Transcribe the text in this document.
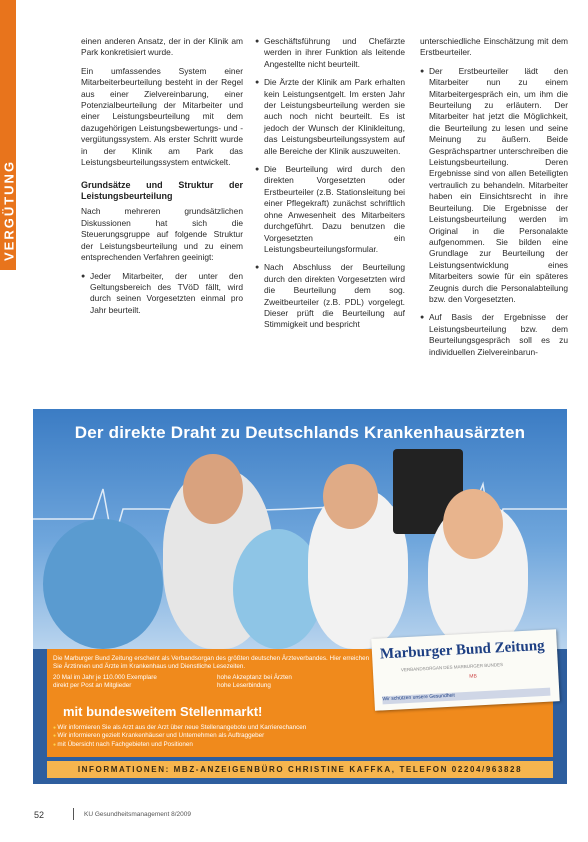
VERGÜTUNG

einen anderen Ansatz, der in der Klinik am Park konkretisiert wurde.

Ein umfassendes System einer Mitarbeiterbeurteilung besteht in der Regel aus einer Zielvereinbarung, einer Potenzialbeurteilung der Mitarbeiter und einer Leistungsbeurteilung mit dem dazugehörigen Leistungsbewertungs- und -vergütungssystem. Als erster Schritt wurde in der Klinik am Park das Leistungsbeurteilungssystem entwickelt.

Grundsätze und Struktur der Leistungsbeurteilung

Nach mehreren grundsätzlichen Diskussionen hat sich die Steuerungsgruppe auf folgende Struktur der Leistungsbeurteilung und zu einem entsprechenden Verfahren geeinigt:

● Jeder Mitarbeiter, der unter den Geltungsbereich des TVöD fällt, wird durch seinen Vorgesetzten einmal pro Jahr beurteilt.
● Geschäftsführung und Chefärzte werden in ihrer Funktion als leitende Angestellte nicht beurteilt.
● Die Ärzte der Klinik am Park erhalten kein Leistungsentgelt. Im ersten Jahr der Leistungsbeurteilung werden sie auch noch nicht beurteilt. Es ist jedoch der Wunsch der Klinikleitung, das Leistungsbeurteilungssystem auf alle Bereiche der Klinik auszuweiten.
● Die Beurteilung wird durch den direkten Vorgesetzten oder Erstbeurteiler (z.B. Stationsleitung bei einer Pflegekraft) zunächst schriftlich ohne Anwesenheit des Mitarbeiters durchgeführt. Dazu benutzen die Vorgesetzten ein Leistungsbeurteilungsformular.
● Nach Abschluss der Beurteilung durch den direkten Vorgesetzten wird die Beurteilung dem sog. Zweitbeurteiler (z.B. PDL) vorgelegt. Dieser prüft die Beurteilung auf Stimmigkeit und bespricht

unterschiedliche Einschätzung mit dem Erstbeurteiler.

● Der Erstbeurteiler lädt den Mitarbeiter nun zu einem Mitarbeitergespräch ein, um ihm die Beurteilung zu erläutern. Der Mitarbeiter hat jetzt die Möglichkeit, die Beurteilung zu lesen und seine Meinung zu äußern. Beide Gesprächspartner unterschreiben die Leistungsbeurteilung. Deren Ergebnisse sind von allen Beteiligten vertraulich zu behandeln. Mitarbeiter haben ein Einsichtsrecht in ihre Beurteilung. Die Ergebnisse der Leistungsbeurteilung werden im Original in die Personalakte aufgenommen. Sie bilden eine Grundlage zur Beurteilung der Leistungsentwicklung eines Mitarbeiters sowie für ein späteres Zeugnis durch die Personalabteilung bzw. den Vorgesetzten.
● Auf Basis der Ergebnisse der Leistungsbeurteilung bzw. dem Beurteilungsgespräch soll es zu individuellen Zielvereinbarun-
Der direkte Draht zu Deutschlands Krankenhausärzten
Die Marburger Bund Zeitung erscheint als Verbandsorgan des größten deutschen Ärzteverbandes. Hier erreichen Sie Ärztinnen und Ärzte im Krankenhaus und Dienstliche Lesezeiten.
20 Mal im Jahr je 110.000 Exemplare	hohe Akzeptanz bei Ärzten
direkt per Post an Mitglieder	hohe Leserbindung
mit bundesweitem Stellenmarkt!
● Wir informieren Sie als Arzt aus der Arzt über neue Stellenangebote und Karrierechancen
● Wir informieren gezielt Krankenhäuser und Unternehmen als Auftraggeber
● mit Übersicht nach Fachgebieten und Positionen
Marburger Bund Zeitung
VERBANDSORGAN DES MARBURGER BUNDES
MB
Wir schützen unsere Gesundheit
INFORMATIONEN: MBZ-ANZEIGENBÜRO CHRISTINE KAFFKA, TELEFON 02204/963828
52	KU Gesundheitsmanagement 8/2009
